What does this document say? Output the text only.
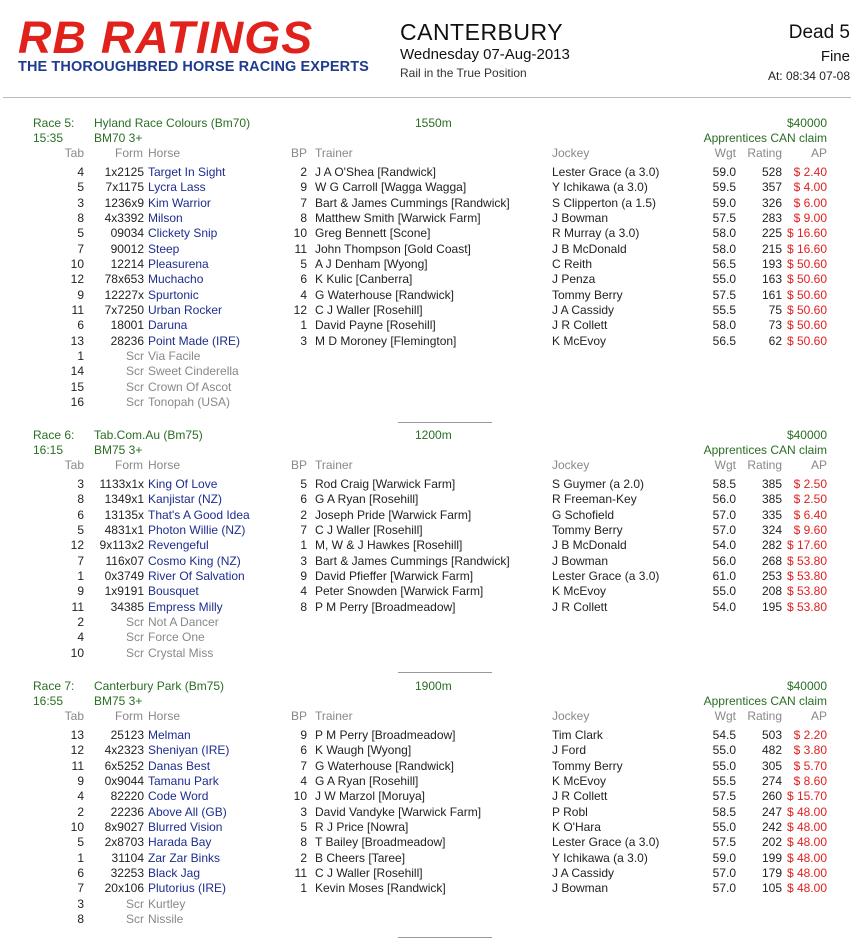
RB RATINGS
THE THOROUGHBRED HORSE RACING EXPERTS
CANTERBURY
Wednesday 07-Aug-2013
Rail in the True Position
Dead 5
Fine
At: 08:34 07-08
Race 5: Hyland Race Colours (Bm70)	1550m	$40000
15:35	BM70 3+	Apprentices CAN claim
Tab	Form Horse	BP Trainer	Jockey	Wgt Rating AP
4 1x2125 Target In Sight	2 J A O'Shea [Randwick]	Lester Grace (a 3.0)	59.0 528 $ 2.40
5 7x1175 Lycra Lass	9 W G Carroll [Wagga Wagga]	Y Ichikawa (a 3.0)	59.5 357 $ 4.00
3 1236x9 Kim Warrior	7 Bart & James Cummings [Randwick]	S Clipperton (a 1.5)	59.0 326 $ 6.00
8 4x3392 Milson	8 Matthew Smith [Warwick Farm]	J Bowman	57.5 283 $ 9.00
5 09034 Clickety Snip	10 Greg Bennett [Scone]	R Murray (a 3.0)	58.0 225 $ 16.60
7 90012 Steep	11 John Thompson [Gold Coast]	J B McDonald	58.0 215 $ 16.60
10 12214 Pleasurena	5 A J Denham [Wyong]	C Reith	56.5 193 $ 50.60
12 78x653 Muchacho	6 K Kulic [Canberra]	J Penza	55.0 163 $ 50.60
9 12227x Spurtonic	4 G Waterhouse [Randwick]	Tommy Berry	57.5 161 $ 50.60
11 7x7250 Urban Rocker	12 C J Waller [Rosehill]	J A Cassidy	55.5	75 $ 50.60
6 18001 Daruna	1 David Payne [Rosehill]	J R Collett	58.0	73 $ 50.60
13 28236 Point Made (IRE)	3 M D Moroney [Flemington]	K McEvoy	56.5	62 $ 50.60
1	Scr Via Facile
14	Scr Sweet Cinderella
15	Scr Crown Of Ascot
16	Scr Tonopah (USA)
Race 6: Tab.Com.Au (Bm75)	1200m	$40000
16:15	BM75 3+	Apprentices CAN claim
Tab	Form Horse	BP Trainer	Jockey	Wgt Rating AP
3 1133x1x King Of Love	5 Rod Craig [Warwick Farm]	S Guymer (a 2.0)	58.5 385 $ 2.50
8 1349x1 Kanjistar (NZ)	6 G A Ryan [Rosehill]	R Freeman-Key	56.0 385 $ 2.50
6 13135x That's A Good Idea	2 Joseph Pride [Warwick Farm]	G Schofield	57.0 335 $ 6.40
5 4831x1 Photon Willie (NZ)	7 C J Waller [Rosehill]	Tommy Berry	57.0 324 $ 9.60
12 9x113x2 Revengeful	1 M, W & J Hawkes [Rosehill]	J B McDonald	54.0 282 $ 17.60
7 116x07 Cosmo King (NZ)	3 Bart & James Cummings [Randwick]	J Bowman	56.0 268 $ 53.80
1 0x3749 River Of Salvation	9 David Pfieffer [Warwick Farm]	Lester Grace (a 3.0)	61.0 253 $ 53.80
9 1x9191 Bousquet	4 Peter Snowden [Warwick Farm]	K McEvoy	55.0 208 $ 53.80
11 34385 Empress Milly	8 P M Perry [Broadmeadow]	J R Collett	54.0 195 $ 53.80
2	Scr Not A Dancer
4	Scr Force One
10	Scr Crystal Miss
Race 7: Canterbury Park (Bm75)	1900m	$40000
16:55	BM75 3+	Apprentices CAN claim
Tab	Form Horse	BP Trainer	Jockey	Wgt Rating AP
13 25123 Melman	9 P M Perry [Broadmeadow]	Tim Clark	54.5 503 $ 2.20
12 4x2323 Sheniyan (IRE)	6 K Waugh [Wyong]	J Ford	55.0 482 $ 3.80
11 6x5252 Danas Best	7 G Waterhouse [Randwick]	Tommy Berry	55.0 305 $ 5.70
9 0x9044 Tamanu Park	4 G A Ryan [Rosehill]	K McEvoy	55.5 274 $ 8.60
4 82220 Code Word	10 J W Marzol [Moruya]	J R Collett	57.5 260 $ 15.70
2 22236 Above All (GB)	3 David Vandyke [Warwick Farm]	P Robl	58.5 247 $ 48.00
10 8x9027 Blurred Vision	5 R J Price [Nowra]	K O'Hara	55.0 242 $ 48.00
5 2x8703 Harada Bay	8 T Bailey [Broadmeadow]	Lester Grace (a 3.0)	57.5 202 $ 48.00
1 31104 Zar Zar Binks	2 B Cheers [Taree]	Y Ichikawa (a 3.0)	59.0 199 $ 48.00
6 32253 Black Jag	11 C J Waller [Rosehill]	J A Cassidy	57.0 179 $ 48.00
7 20x106 Plutorius (IRE)	1 Kevin Moses [Randwick]	J Bowman	57.0 105 $ 48.00
3	Scr Kurtley
8	Scr Nissile
